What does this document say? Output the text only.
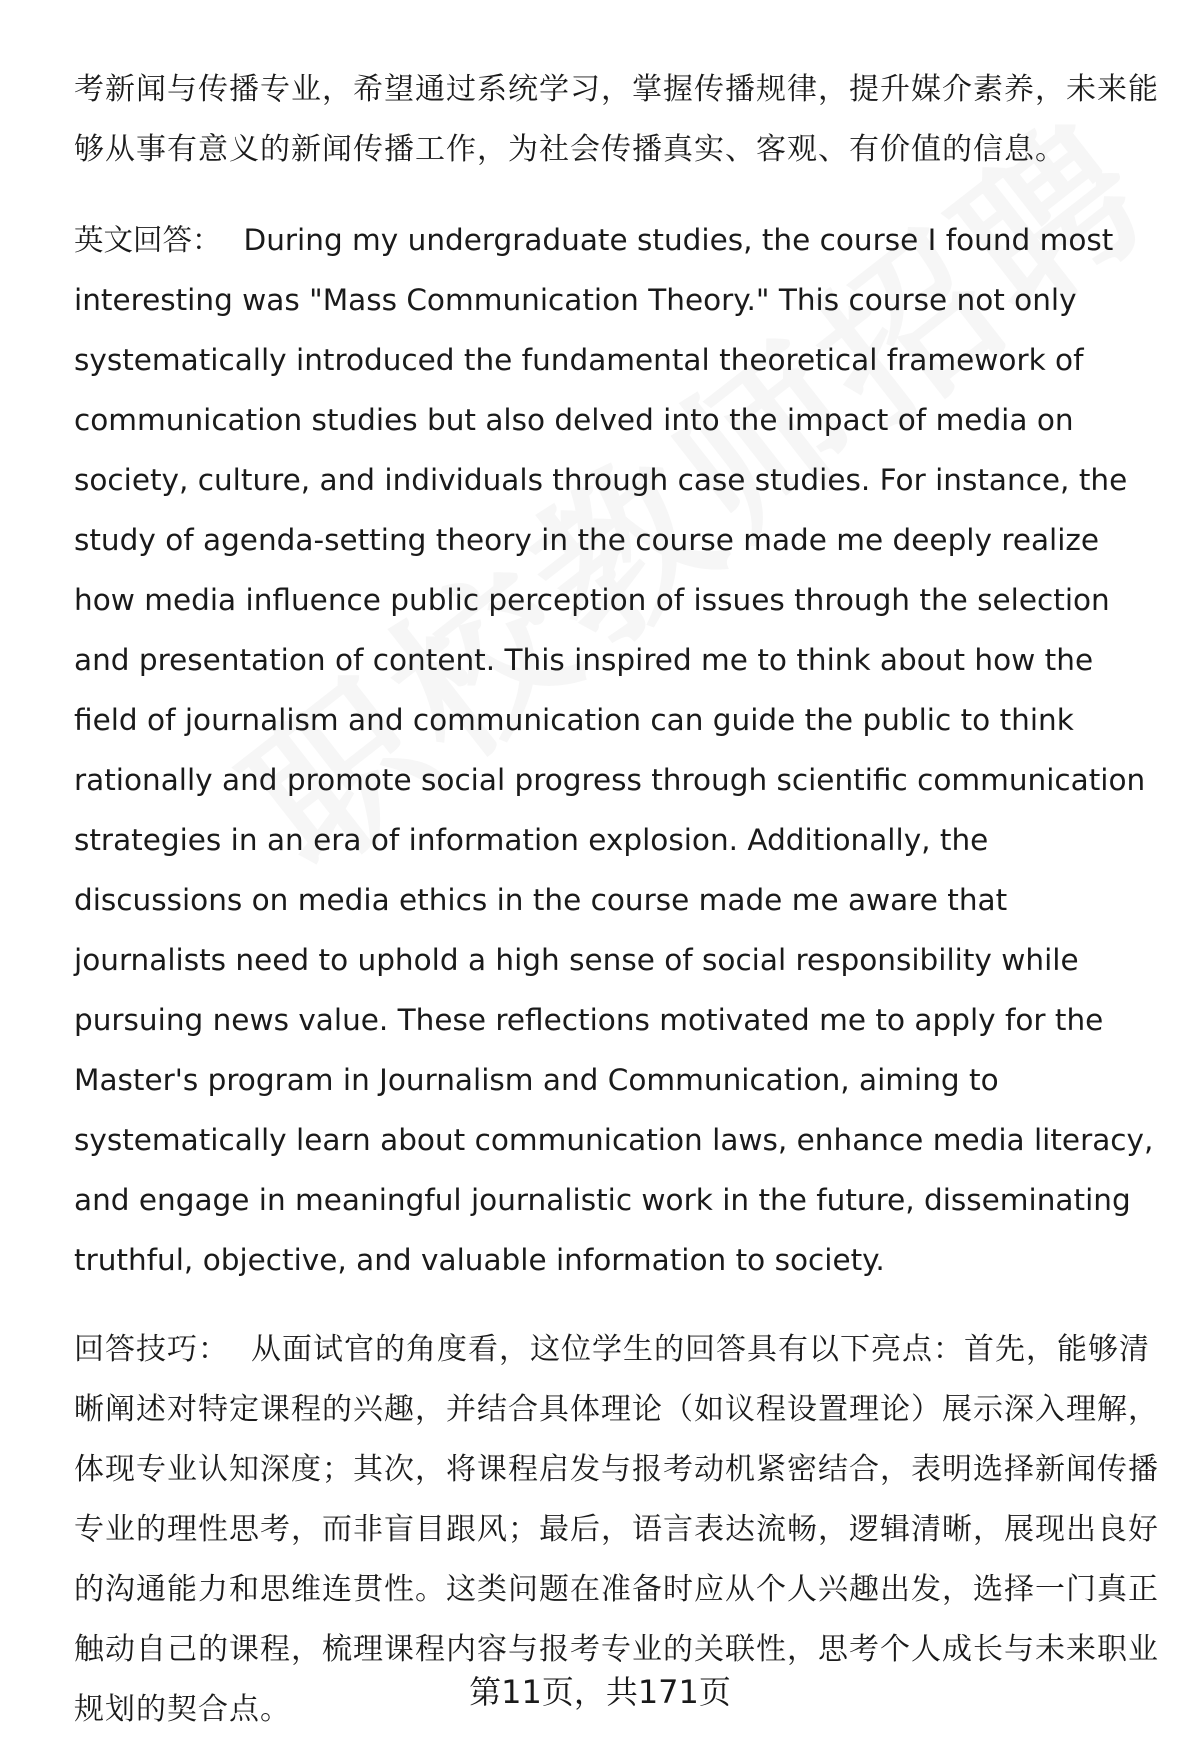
考新闻与传播专业，希望通过系统学习，掌握传播规律，提升媒介素养，未来能够从事有意义的新闻传播工作，为社会传播真实、客观、有价值的信息。

英文回答： During my undergraduate studies, the course I found most interesting was "Mass Communication Theory." This course not only systematically introduced the fundamental theoretical framework of communication studies but also delved into the impact of media on society, culture, and individuals through case studies. For instance, the study of agenda-setting theory in the course made me deeply realize how media influence public perception of issues through the selection and presentation of content. This inspired me to think about how the field of journalism and communication can guide the public to think rationally and promote social progress through scientific communication strategies in an era of information explosion. Additionally, the discussions on media ethics in the course made me aware that journalists need to uphold a high sense of social responsibility while pursuing news value. These reflections motivated me to apply for the Master's program in Journalism and Communication, aiming to systematically learn about communication laws, enhance media literacy, and engage in meaningful journalistic work in the future, disseminating truthful, objective, and valuable information to society.

回答技巧： 从面试官的角度看，这位学生的回答具有以下亮点：首先，能够清晰阐述对特定课程的兴趣，并结合具体理论（如议程设置理论）展示深入理解，体现专业认知深度；其次，将课程启发与报考动机紧密结合，表明选择新闻传播专业的理性思考，而非盲目跟风；最后，语言表达流畅，逻辑清晰，展现出良好的沟通能力和思维连贯性。这类问题在准备时应从个人兴趣出发，选择一门真正触动自己的课程，梳理课程内容与报考专业的关联性，思考个人成长与未来职业规划的契合点。	第11页，共171页
